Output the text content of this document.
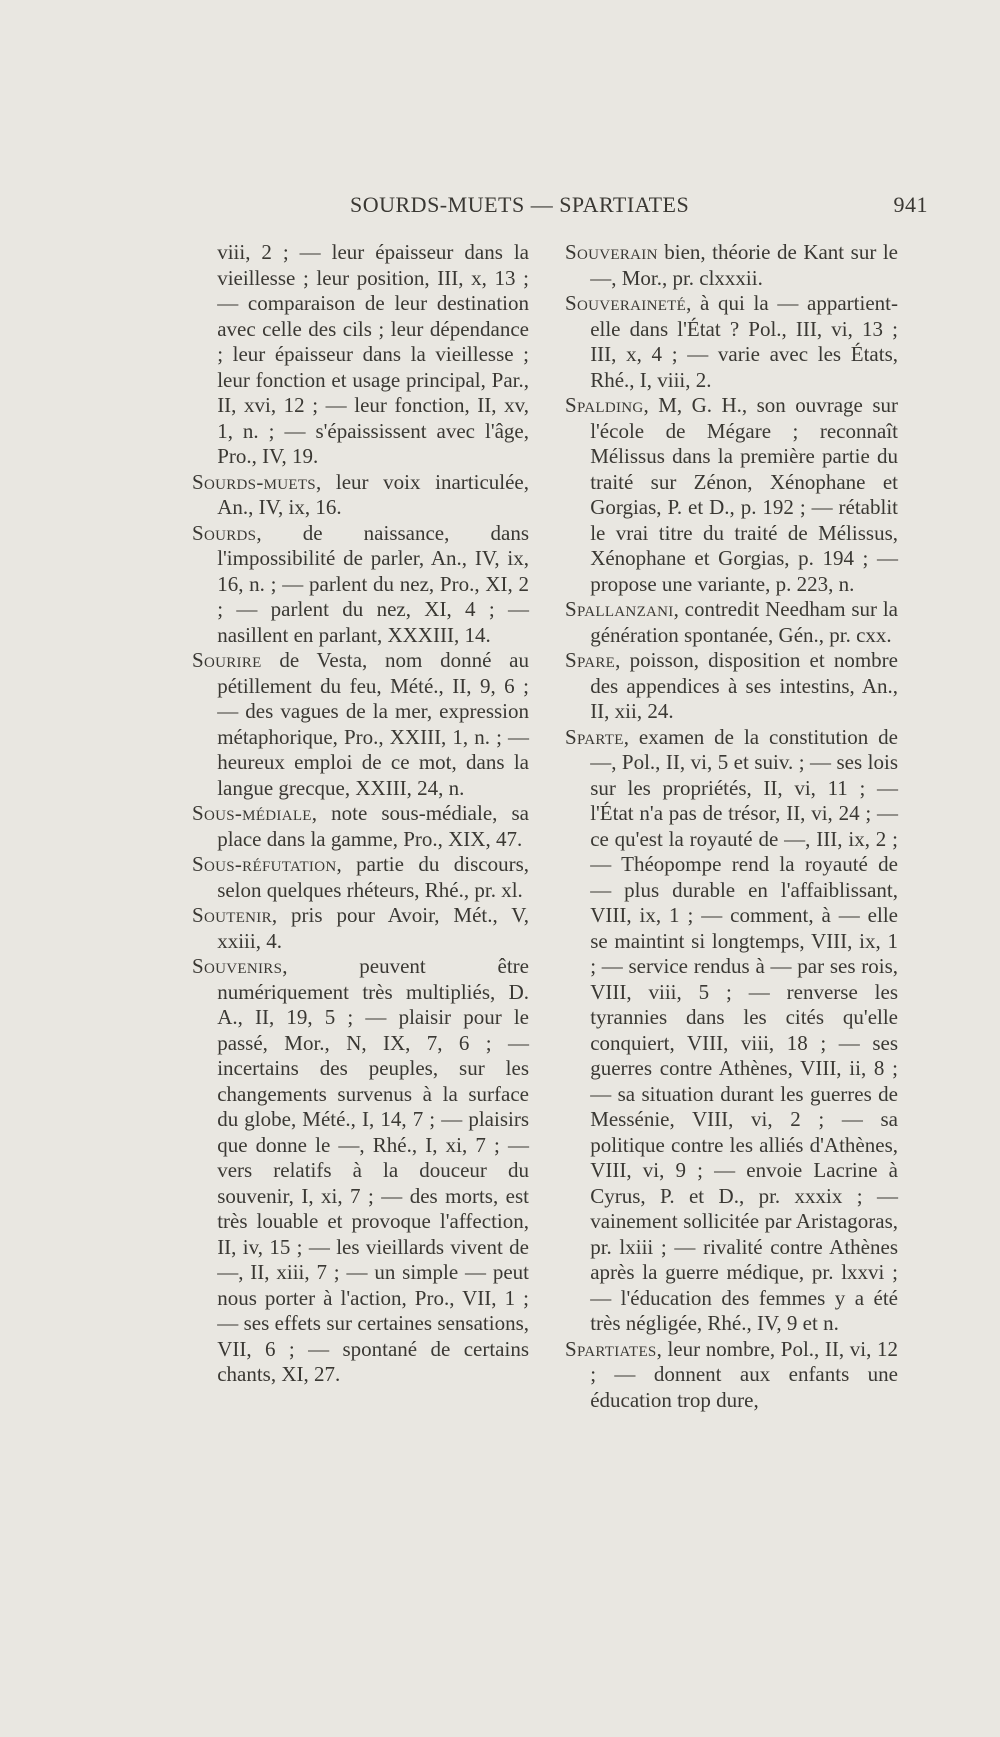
SOURDS-MUETS — SPARTIATES	941

viii, 2 ; — leur épaisseur dans la vieillesse ; leur position, III, x, 13 ; — comparaison de leur destination avec celle des cils ; leur dépendance ; leur épaisseur dans la vieillesse ; leur fonction et usage principal, Par., II, xvi, 12 ; — leur fonction, II, xv, 1, n. ; — s'épaississent avec l'âge, Pro., IV, 19.

Sourds-muets, leur voix inarticulée, An., IV, ix, 16.

Sourds, de naissance, dans l'impossibilité de parler, An., IV, ix, 16, n. ; — parlent du nez, Pro., XI, 2 ; — parlent du nez, XI, 4 ; — nasillent en parlant, XXXIII, 14.

Sourire de Vesta, nom donné au pétillement du feu, Mété., II, 9, 6 ; — des vagues de la mer, expression métaphorique, Pro., XXIII, 1, n. ; — heureux emploi de ce mot, dans la langue grecque, XXIII, 24, n.

Sous-médiale, note sous-médiale, sa place dans la gamme, Pro., XIX, 47.

Sous-réfutation, partie du discours, selon quelques rhéteurs, Rhé., pr. xl.

Soutenir, pris pour Avoir, Mét., V, xxiii, 4.

Souvenirs, peuvent être numériquement très multipliés, D. A., II, 19, 5 ; — plaisir pour le passé, Mor., N, IX, 7, 6 ; — incertains des peuples, sur les changements survenus à la surface du globe, Mété., I, 14, 7 ; — plaisirs que donne le —, Rhé., I, xi, 7 ; — vers relatifs à la douceur du souvenir, I, xi, 7 ; — des morts, est très louable et provoque l'affection, II, iv, 15 ; — les vieillards vivent de —, II, xiii, 7 ; — un simple — peut nous porter à l'action, Pro., VII, 1 ; — ses effets sur certaines sensations, VII, 6 ; — spontané de certains chants, XI, 27.

Souverain bien, théorie de Kant sur le —, Mor., pr. clxxxii.

Souveraineté, à qui la — appartient-elle dans l'État ? Pol., III, vi, 13 ; III, x, 4 ; — varie avec les États, Rhé., I, viii, 2.

Spalding, M, G. H., son ouvrage sur l'école de Mégare ; reconnaît Mélissus dans la première partie du traité sur Zénon, Xénophane et Gorgias, P. et D., p. 192 ; — rétablit le vrai titre du traité de Mélissus, Xénophane et Gorgias, p. 194 ; — propose une variante, p. 223, n.

Spallanzani, contredit Needham sur la génération spontanée, Gén., pr. cxx.

Spare, poisson, disposition et nombre des appendices à ses intestins, An., II, xii, 24.

Sparte, examen de la constitution de —, Pol., II, vi, 5 et suiv. ; — ses lois sur les propriétés, II, vi, 11 ; — l'État n'a pas de trésor, II, vi, 24 ; — ce qu'est la royauté de —, III, ix, 2 ; — Théopompe rend la royauté de — plus durable en l'affaiblissant, VIII, ix, 1 ; — comment, à — elle se maintint si longtemps, VIII, ix, 1 ; — service rendus à — par ses rois, VIII, viii, 5 ; — renverse les tyrannies dans les cités qu'elle conquiert, VIII, viii, 18 ; — ses guerres contre Athènes, VIII, ii, 8 ; — sa situation durant les guerres de Messénie, VIII, vi, 2 ; — sa politique contre les alliés d'Athènes, VIII, vi, 9 ; — envoie Lacrine à Cyrus, P. et D., pr. xxxix ; — vainement sollicitée par Aristagoras, pr. lxiii ; — rivalité contre Athènes après la guerre médique, pr. lxxvi ; — l'éducation des femmes y a été très négligée, Rhé., IV, 9 et n.

Spartiates, leur nombre, Pol., II, vi, 12 ; — donnent aux enfants une éducation trop dure,
